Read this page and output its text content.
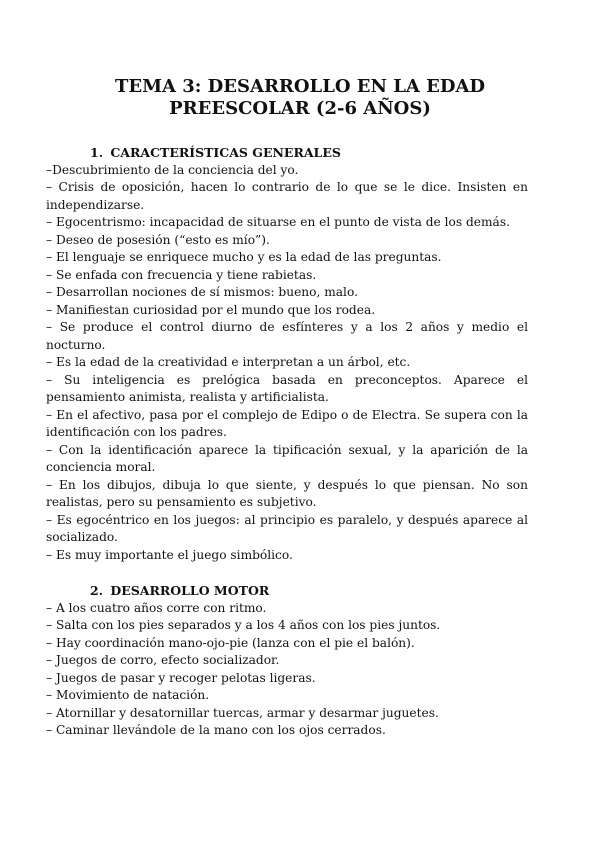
TEMA 3: DESARROLLO EN LA EDAD
PREESCOLAR (2-6 AÑOS)
1. CARACTERÍSTICAS GENERALES
–Descubrimiento de la conciencia del yo.
– Crisis de oposición, hacen lo contrario de lo que se le dice. Insisten en independizarse.
– Egocentrismo: incapacidad de situarse en el punto de vista de los demás.
– Deseo de posesión (“esto es mío”).
– El lenguaje se enriquece mucho y es la edad de las preguntas.
– Se enfada con frecuencia y tiene rabietas.
– Desarrollan nociones de sí mismos: bueno, malo.
– Manifiestan curiosidad por el mundo que los rodea.
– Se produce el control diurno de esfínteres y a los 2 años y medio el nocturno.
– Es la edad de la creatividad e interpretan a un árbol, etc.
– Su inteligencia es prelógica basada en preconceptos. Aparece el pensamiento animista, realista y artificialista.
– En el afectivo, pasa por el complejo de Edipo o de Electra. Se supera con la identificación con los padres.
– Con la identificación aparece la tipificación sexual, y la aparición de la conciencia moral.
– En los dibujos, dibuja lo que siente, y después lo que piensan. No son realistas, pero su pensamiento es subjetivo.
– Es egocéntrico en los juegos: al principio es paralelo, y después aparece al socializado.
– Es muy importante el juego simbólico.
2. DESARROLLO MOTOR
– A los cuatro años corre con ritmo.
– Salta con los pies separados y a los 4 años con los pies juntos.
– Hay coordinación mano-ojo-pie (lanza con el pie el balón).
– Juegos de corro, efecto socializador.
– Juegos de pasar y recoger pelotas ligeras.
– Movimiento de natación.
– Atornillar y desatornillar tuercas, armar y desarmar juguetes.
– Caminar llevándole de la mano con los ojos cerrados.
